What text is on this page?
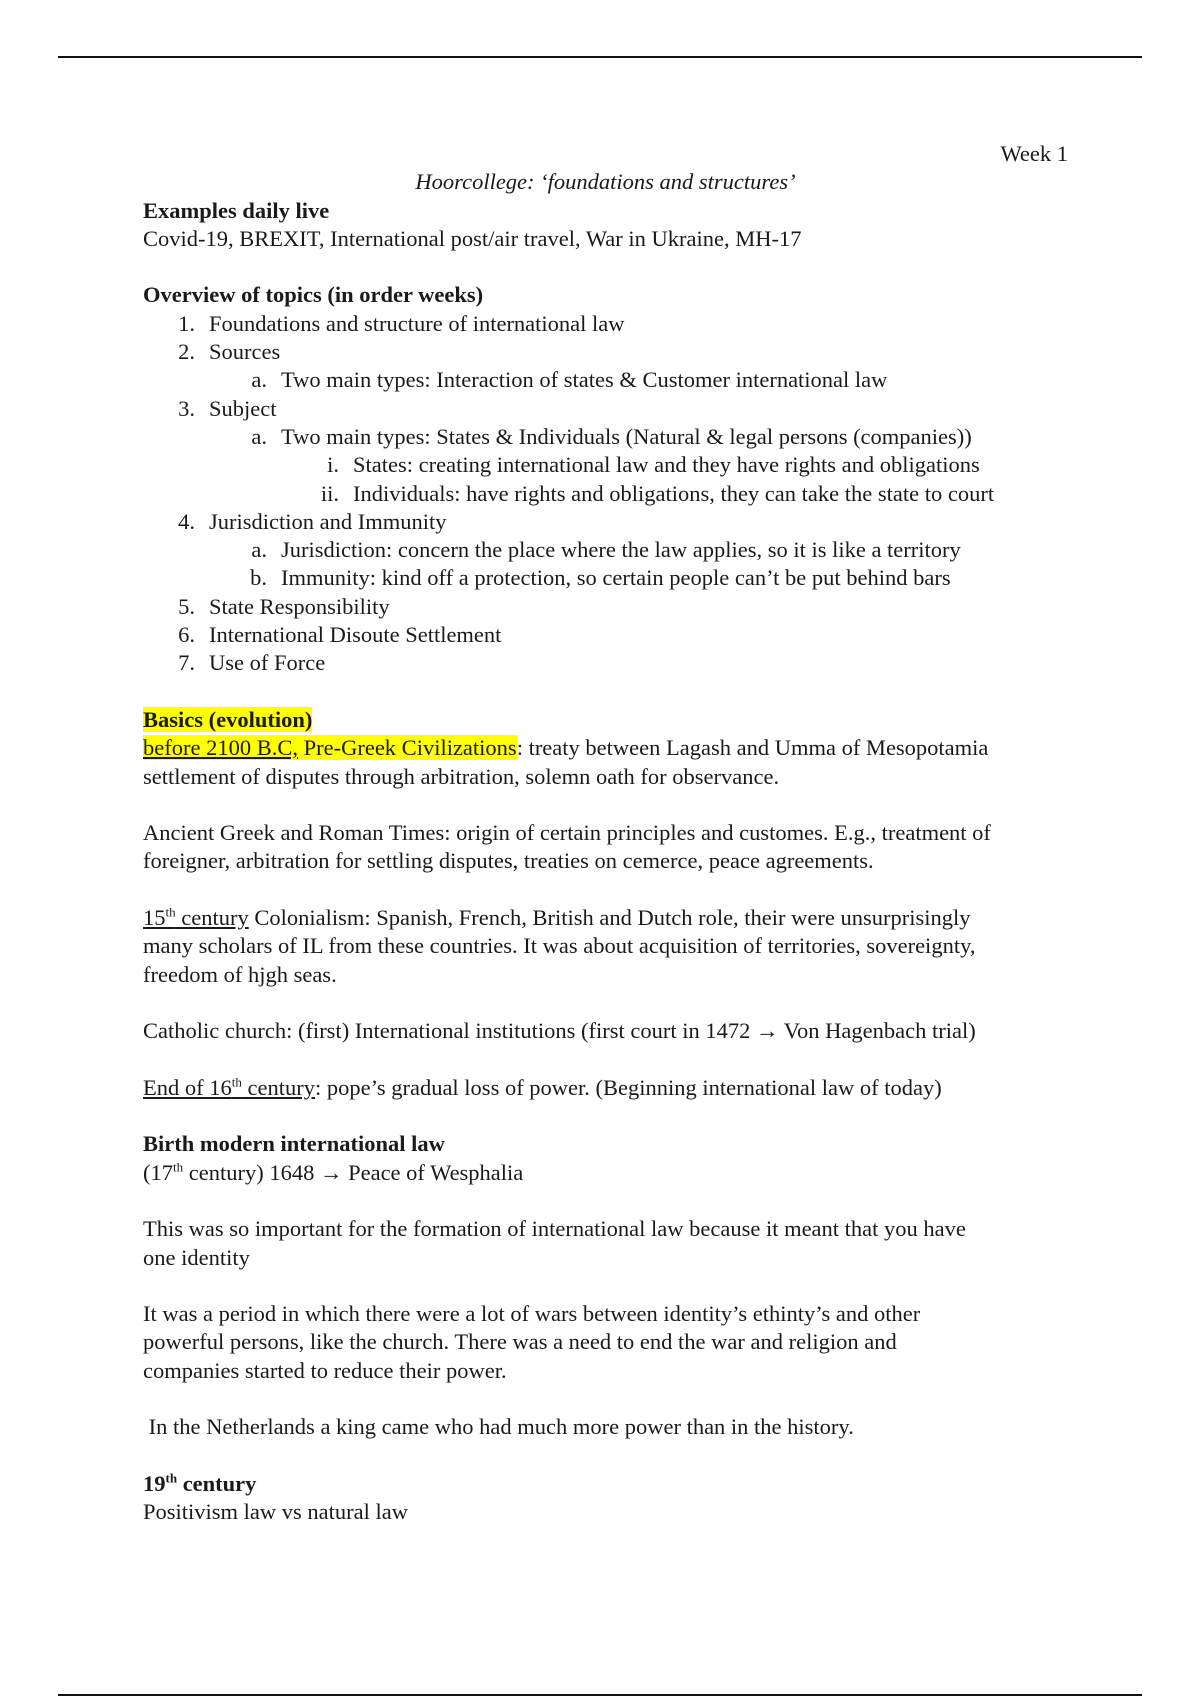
Week 1

Hoorcollege: ‘foundations and structures’

Examples daily live

Covid-19, BREXIT, International post/air travel, War in Ukraine, MH-17

Overview of topics (in order weeks)

1. Foundations and structure of international law
2. Sources
a. Two main types: Interaction of states & Customer international law
3. Subject
a. Two main types: States & Individuals (Natural & legal persons (companies))
i. States: creating international law and they have rights and obligations
ii. Individuals: have rights and obligations, they can take the state to court
4. Jurisdiction and Immunity
a. Jurisdiction: concern the place where the law applies, so it is like a territory
b. Immunity: kind off a protection, so certain people can’t be put behind bars
5. State Responsibility
6. International Disoute Settlement
7. Use of Force

Basics (evolution)

before 2100 B.C, Pre-Greek Civilizations: treaty between Lagash and Umma of Mesopotamia

settlement of disputes through arbitration, solemn oath for observance.

Ancient Greek and Roman Times: origin of certain principles and customes. E.g., treatment of

foreigner, arbitration for settling disputes, treaties on cemerce, peace agreements.

15th century Colonialism: Spanish, French, British and Dutch role, their were unsurprisingly

many scholars of IL from these countries. It was about acquisition of territories, sovereignty,

freedom of hjgh seas.

Catholic church: (first) International institutions (first court in 1472 → Von Hagenbach trial)

End of 16th century: pope’s gradual loss of power. (Beginning international law of today)

Birth modern international law

(17th century) 1648 → Peace of Wesphalia

This was so important for the formation of international law because it meant that you have

one identity

It was a period in which there were a lot of wars between identity’s ethinty’s and other

powerful persons, like the church. There was a need to end the war and religion and

companies started to reduce their power.

In the Netherlands a king came who had much more power than in the history.

19th century

Positivism law vs natural law
